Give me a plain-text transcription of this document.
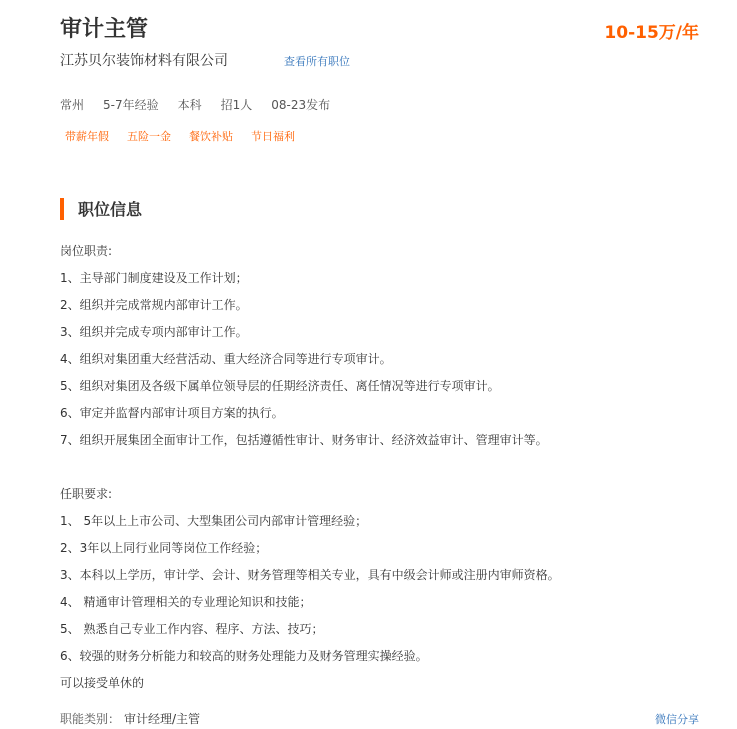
审计主管	10-15万/年
江苏贝尔装饰材料有限公司	查看所有职位
常州 5-7年经验 本科 招1人 08-23发布
带薪年假 五险一金 餐饮补贴 节日福利
职位信息
岗位职责:
1、主导部门制度建设及工作计划；
2、组织并完成常规内部审计工作。
3、组织并完成专项内部审计工作。
4、组织对集团重大经营活动、重大经济合同等进行专项审计。
5、组织对集团及各级下属单位领导层的任期经济责任、离任情况等进行专项审计。
6、审定并监督内部审计项目方案的执行。
7、组织开展集团全面审计工作，包括遵循性审计、财务审计、经济效益审计、管理审计等。
任职要求:
1、 5年以上上市公司、大型集团公司内部审计管理经验；
2、3年以上同行业同等岗位工作经验；
3、本科以上学历，审计学、会计、财务管理等相关专业，具有中级会计师或注册内审师资格。
4、 精通审计管理相关的专业理论知识和技能；
5、 熟悉自己专业工作内容、程序、方法、技巧；
6、较强的财务分析能力和较高的财务处理能力及财务管理实操经验。
可以接受单休的
职能类别： 审计经理/主管	微信分享
